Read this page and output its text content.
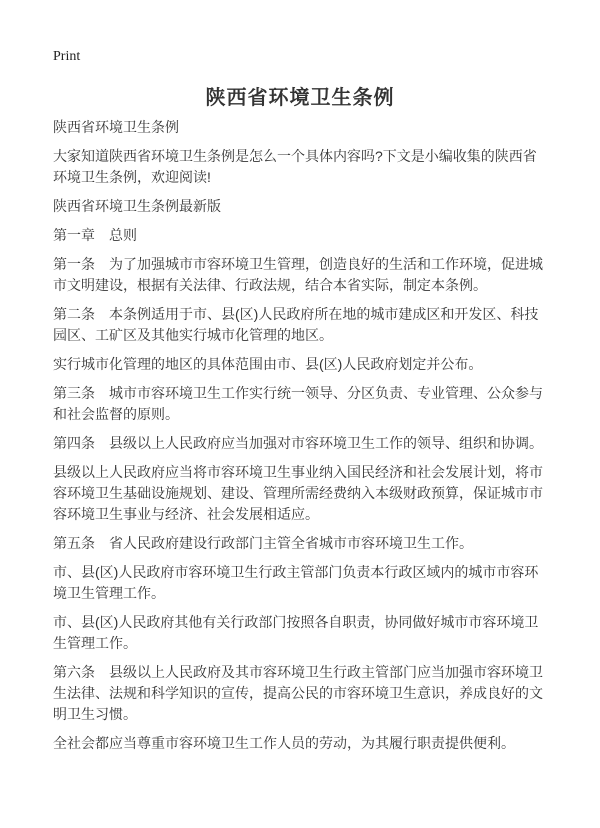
Print
陕西省环境卫生条例

陕西省环境卫生条例

大家知道陕西省环境卫生条例是怎么一个具体内容吗?下文是小编收集的陕西省环境卫生条例，欢迎阅读!

陕西省环境卫生条例最新版

第一章　总则

第一条　为了加强城市市容环境卫生管理，创造良好的生活和工作环境，促进城市文明建设，根据有关法律、行政法规，结合本省实际，制定本条例。

第二条　本条例适用于市、县(区)人民政府所在地的城市建成区和开发区、科技园区、工矿区及其他实行城市化管理的地区。

实行城市化管理的地区的具体范围由市、县(区)人民政府划定并公布。

第三条　城市市容环境卫生工作实行统一领导、分区负责、专业管理、公众参与和社会监督的原则。

第四条　县级以上人民政府应当加强对市容环境卫生工作的领导、组织和协调。

县级以上人民政府应当将市容环境卫生事业纳入国民经济和社会发展计划，将市容环境卫生基础设施规划、建设、管理所需经费纳入本级财政预算，保证城市市容环境卫生事业与经济、社会发展相适应。

第五条　省人民政府建设行政部门主管全省城市市容环境卫生工作。

市、县(区)人民政府市容环境卫生行政主管部门负责本行政区域内的城市市容环境卫生管理工作。

市、县(区)人民政府其他有关行政部门按照各自职责，协同做好城市市容环境卫生管理工作。

第六条　县级以上人民政府及其市容环境卫生行政主管部门应当加强市容环境卫生法律、法规和科学知识的宣传，提高公民的市容环境卫生意识，养成良好的文明卫生习惯。

全社会都应当尊重市容环境卫生工作人员的劳动，为其履行职责提供便利。
